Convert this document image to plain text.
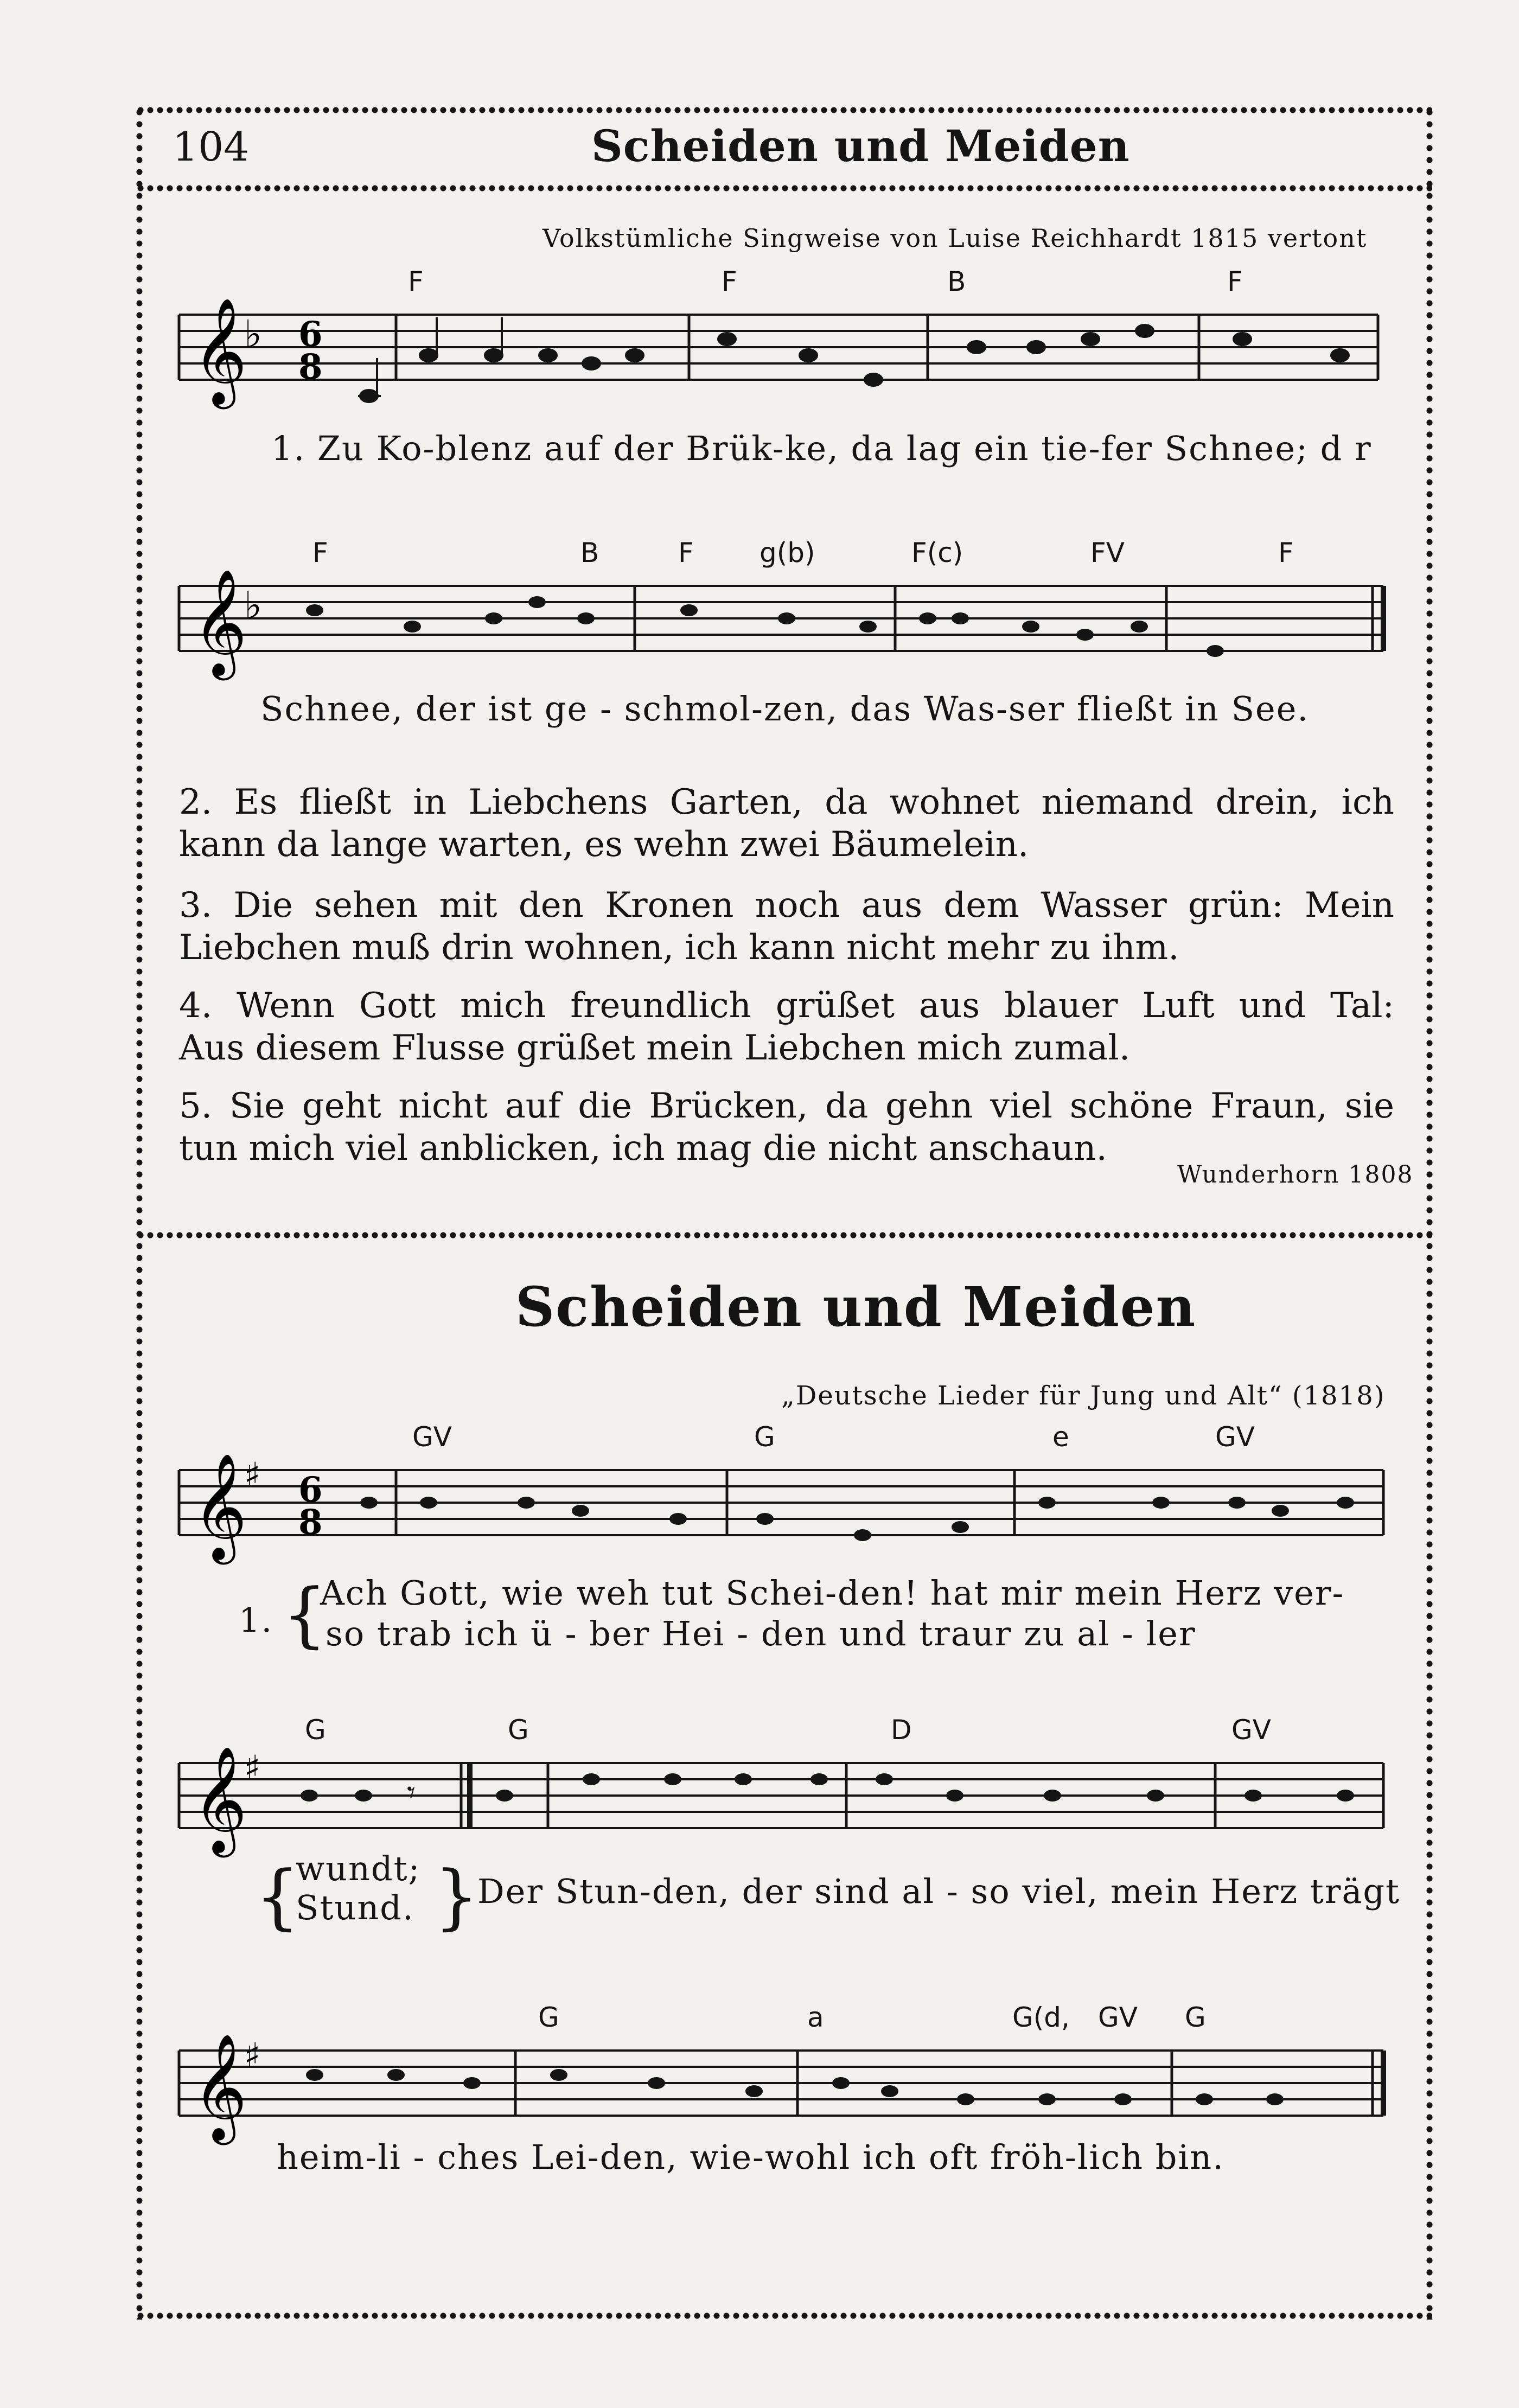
104	Scheiden und Meiden
Volkstümliche Singweise von Luise Reichhardt 1815 vertont
F	F	B	F
𝄞
♭ 6
8
1. Zu Ko-blenz auf der Brük-ke, da lag ein tie-fer Schnee; d r
F	B	F g(b)	F(c)	FV	F
𝄞
♭
Schnee, der ist ge - schmol-zen, das Was-ser fließt in See.
2. Es fließt in Liebchens Garten, da wohnet niemand drein, ich
kann da lange warten, es wehn zwei Bäumelein.
3. Die sehen mit den Kronen noch aus dem Wasser grün: Mein
Liebchen muß drin wohnen, ich kann nicht mehr zu ihm.
4. Wenn Gott mich freundlich grüßet aus blauer Luft und Tal:
Aus diesem Flusse grüßet mein Liebchen mich zumal.
5. Sie geht nicht auf die Brücken, da gehn viel schöne Fraun, sie
tun mich viel anblicken, ich mag die nicht anschaun.
Wunderhorn 1808
Scheiden und Meiden
„Deutsche Lieder für Jung und Alt“ (1818)
GV	G	e	GV
𝄞
♯ 6
8
1. {
Ach Gott, wie weh tut Schei-den! hat mir mein Herz ver-
so trab ich ü - ber Hei - den und traur zu al - ler
G	G	D	GV
𝄞
♯
𝄾
{
wundt;
Stund. }
Der Stun-den, der sind al - so viel, mein Herz trägt
G	a	G(d, GV G
𝄞
♯
heim-li - ches Lei-den, wie-wohl ich oft fröh-lich bin.
